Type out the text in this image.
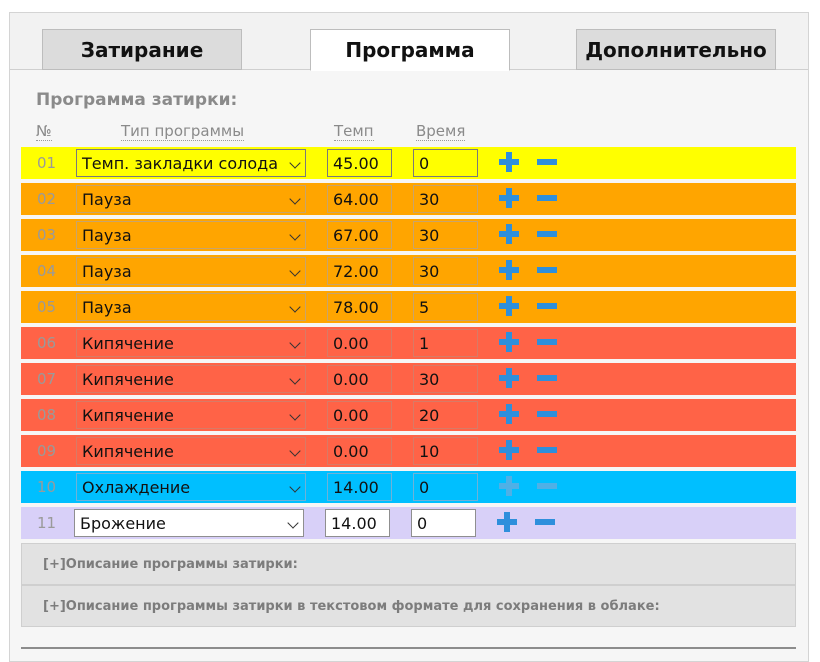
Затирание	Программа	Дополнительно
Программа затирки:
№	Тип программы	Темп	Время
01 Темп. закладки солода	45.00	0
02 Пауза	64.00	30
03 Пауза	67.00	30
04 Пауза	72.00	30
05 Пауза	78.00	5
06 Кипячение	0.00	1
07 Кипячение	0.00	30
08 Кипячение	0.00	20
09 Кипячение	0.00	10
10 Охлаждение	14.00	0
11 Брожение	14.00	0
[+]Описание программы затирки:
[+]Описание программы затирки в текстовом формате для сохранения в облаке:
